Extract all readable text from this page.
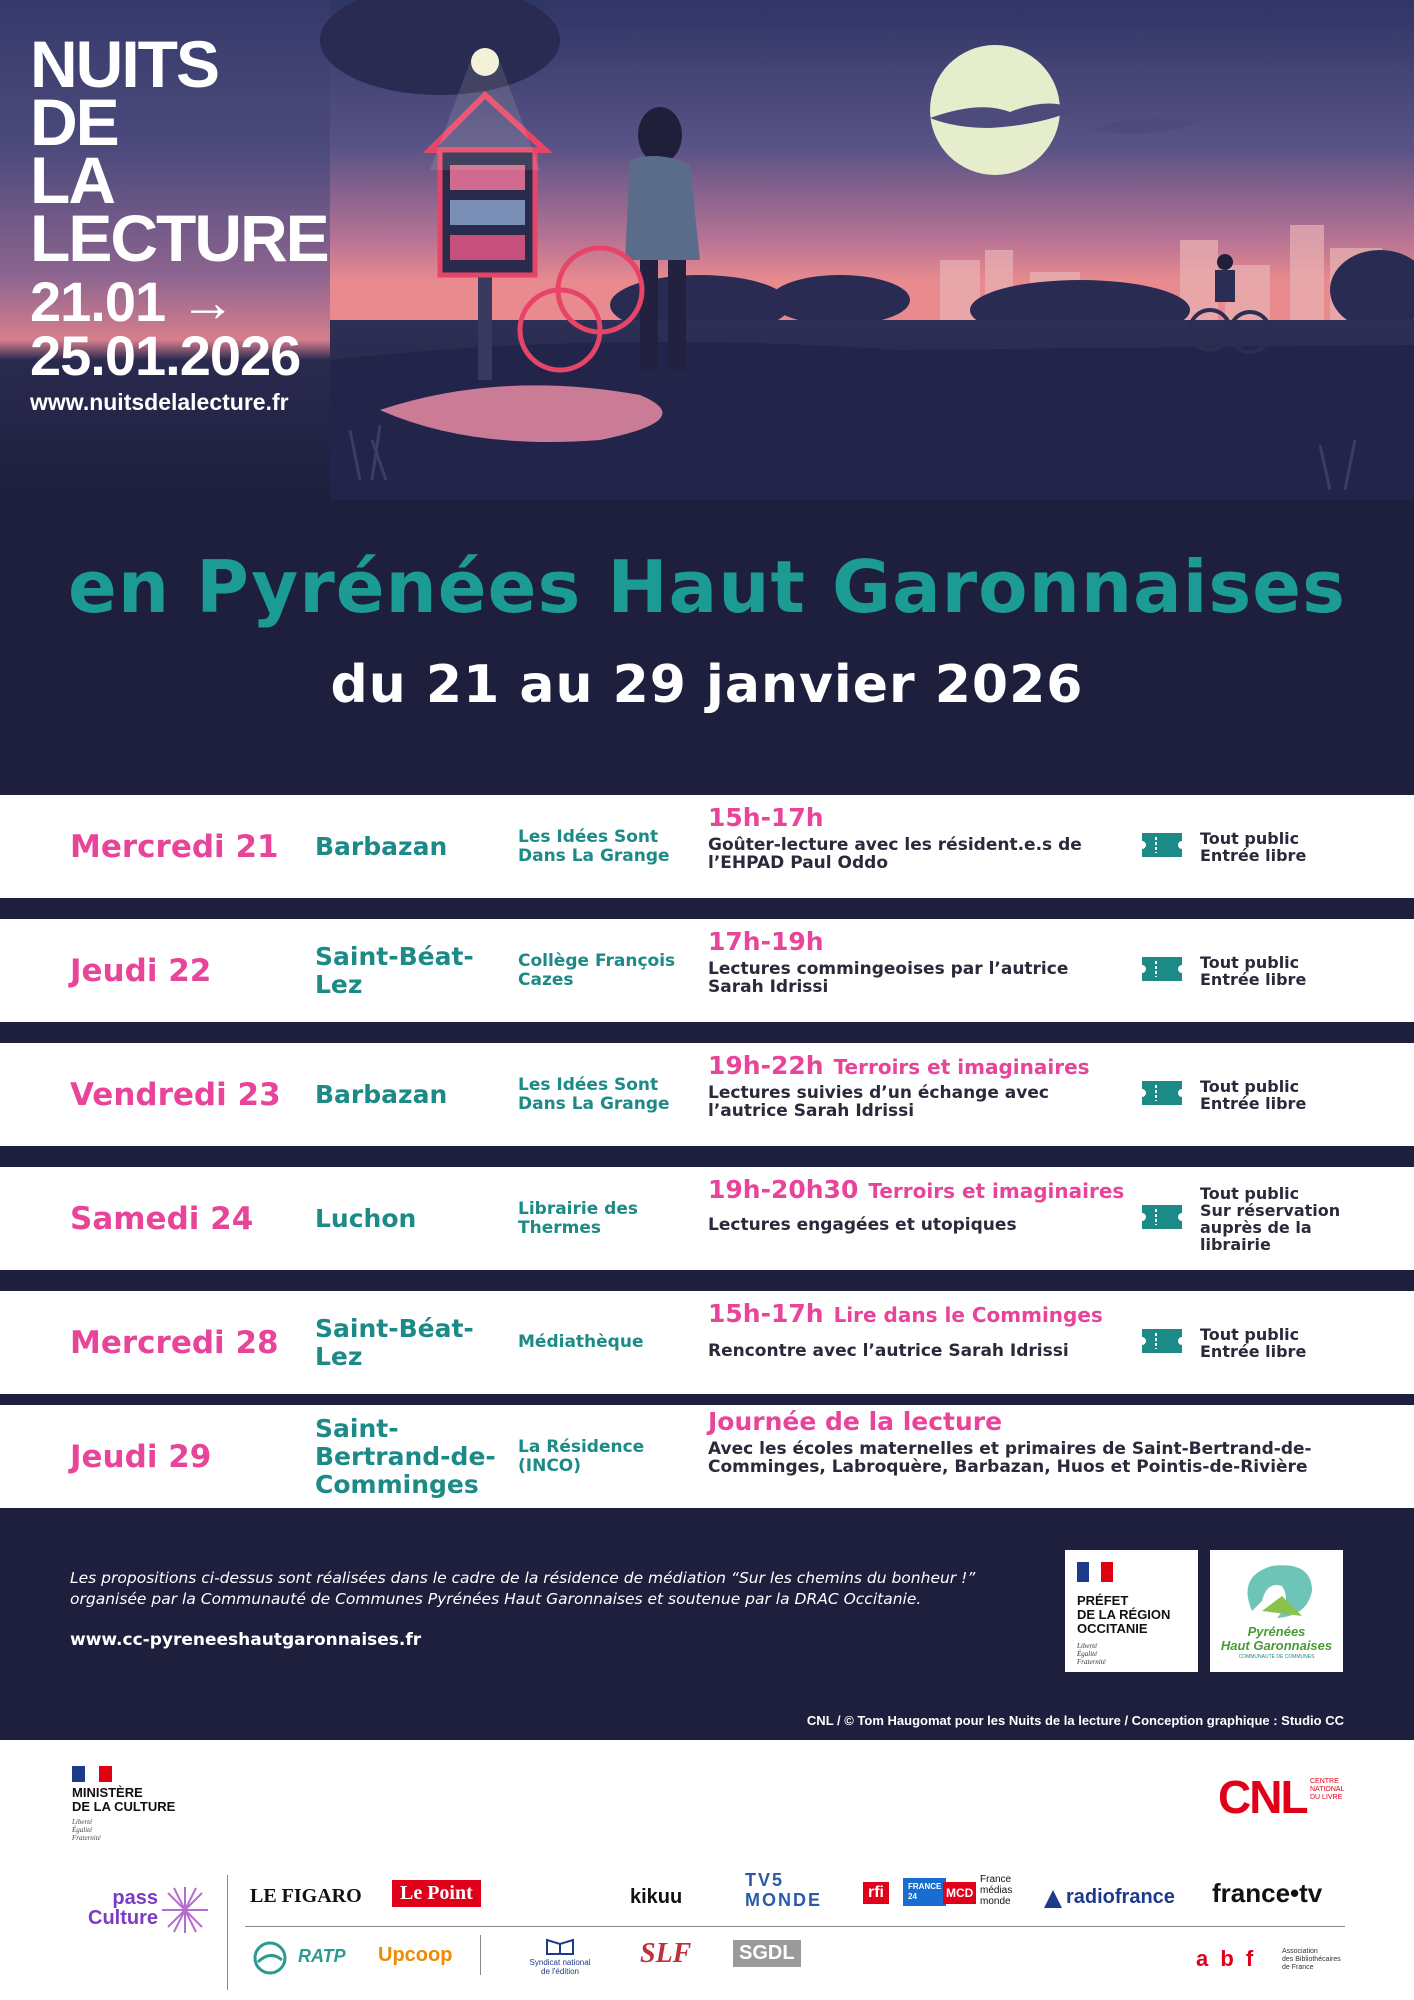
NUITS
DE
LA
LECTURE
21.01 →
25.01.2026
www.nuitsdelalecture.fr
en Pyrénées Haut Garonnaises
du 21 au 29 janvier 2026
Mercredi 21	Barbazan	Les Idées Sont Dans La Grange
15h-17h
Goûter-lecture avec les résident.e.s de l’EHPAD Paul Oddo
Tout public
Entrée libre
Jeudi 22	Saint-Béat-Lez
Collège François Cazes
17h-19h
Lectures commingeoises par l’autrice Sarah Idrissi
Tout public
Entrée libre
Vendredi 23	Barbazan	Les Idées Sont Dans La Grange
19h-22h Terroirs et imaginaires
Lectures suivies d’un échange avec l’autrice Sarah Idrissi
Tout public
Entrée libre
Samedi 24	Luchon	Librairie des Thermes
19h-20h30 Terroirs et imaginaires
Lectures engagées et utopiques
Tout public
Sur réservation
auprès de la
librairie
Mercredi 28	Saint-Béat-Lez	Médiathèque
15h-17h Lire dans le Comminges
Rencontre avec l’autrice Sarah Idrissi
Tout public
Entrée libre
Jeudi 29
Saint-Bertrand-de-Comminges
La Résidence (INCO)
Journée de la lecture
Avec les écoles maternelles et primaires de Saint-Bertrand-de-Comminges, Labroquère, Barbazan, Huos et Pointis-de-Rivière
Les propositions ci-dessus sont réalisées dans le cadre de la résidence de médiation “Sur les chemins du bonheur !” organisée par la Communauté de Communes Pyrénées Haut Garonnaises et soutenue par la DRAC Occitanie.
www.cc-pyreneeshautgaronnaises.fr
PRÉFET
DE LA RÉGION
OCCITANIE
Liberté
Égalité
Fraternité
Pyrénées
Haut Garonnaises
COMMUNAUTÉ DE COMMUNES
CNL / © Tom Haugomat pour les Nuits de la lecture / Conception graphique : Studio CC
MINISTÈRE
DE LA CULTURE
Liberté
Égalité
Fraternité
CNL CENTRE
NATIONAL
DU LIVRE
pass
Culture
LE FIGARO	Le Point	kikuu
TV5
MONDE	rfi	FRANCE
24	MCD
France
médias
monde	radiofrance france•tv
RATP Upcoop	Syndicat national
de l'édition
SLF	SGDL	a b f	Association
des Bibliothécaires
de France
